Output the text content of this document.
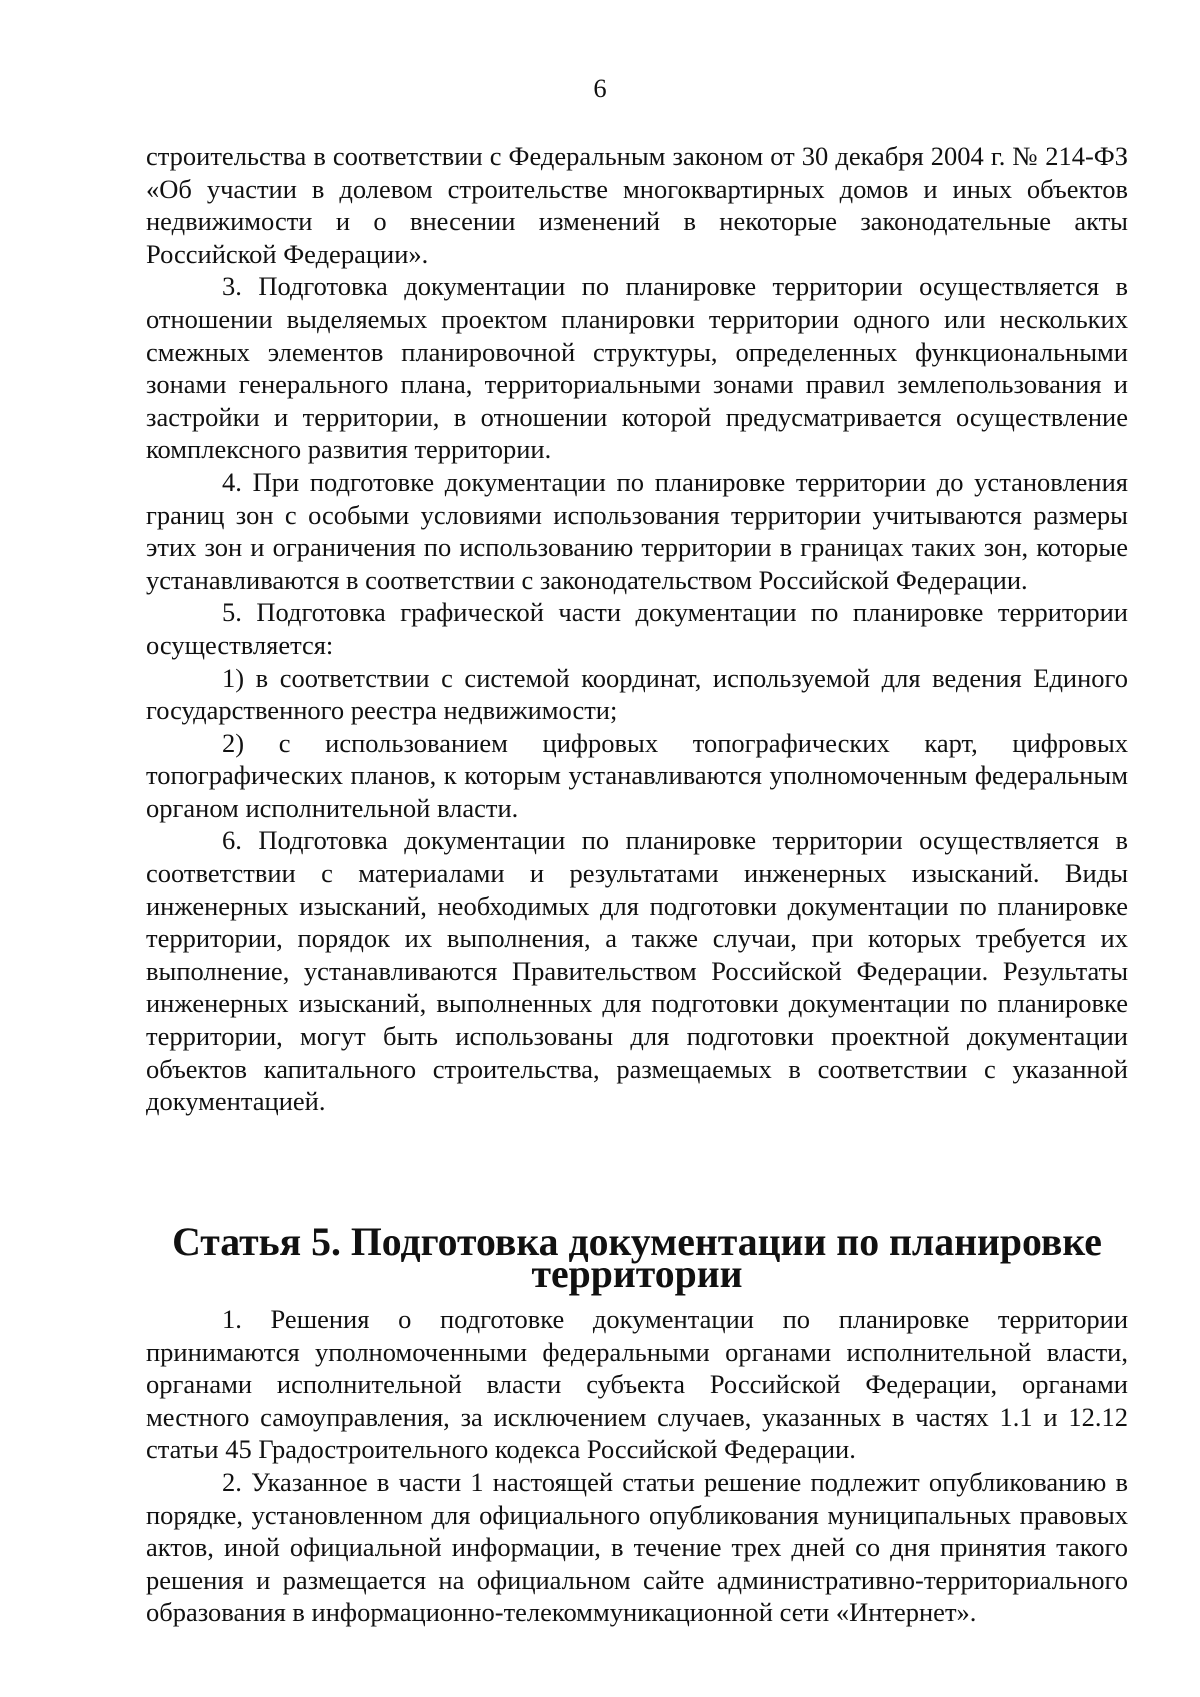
6

строительства в соответствии с Федеральным законом от 30 декабря 2004 г. № 214-ФЗ «Об участии в долевом строительстве многоквартирных домов и иных объектов недвижимости и о внесении изменений в некоторые законодательные акты Российской Федерации».

3. Подготовка документации по планировке территории осуществляется в отношении выделяемых проектом планировки территории одного или нескольких смежных элементов планировочной структуры, определенных функциональными зонами генерального плана, территориальными зонами правил землепользования и застройки и территории, в отношении которой предусматривается осуществление комплексного развития территории.

4. При подготовке документации по планировке территории до установления границ зон с особыми условиями использования территории учитываются размеры этих зон и ограничения по использованию территории в границах таких зон, которые устанавливаются в соответствии с законодательством Российской Федерации.

5. Подготовка графической части документации по планировке территории осуществляется:

1) в соответствии с системой координат, используемой для ведения Единого государственного реестра недвижимости;

2) с использованием цифровых топографических карт, цифровых топографических планов, к которым устанавливаются уполномоченным федеральным органом исполнительной власти.

6. Подготовка документации по планировке территории осуществляется в соответствии с материалами и результатами инженерных изысканий. Виды инженерных изысканий, необходимых для подготовки документации по планировке территории, порядок их выполнения, а также случаи, при которых требуется их выполнение, устанавливаются Правительством Российской Федерации. Результаты инженерных изысканий, выполненных для подготовки документации по планировке территории, могут быть использованы для подготовки проектной документации объектов капитального строительства, размещаемых в соответствии с указанной документацией.

Статья 5. Подготовка документации по планировке территории

1. Решения о подготовке документации по планировке территории принимаются уполномоченными федеральными органами исполнительной власти, органами исполнительной власти субъекта Российской Федерации, органами местного самоуправления, за исключением случаев, указанных в частях 1.1 и 12.12 статьи 45 Градостроительного кодекса Российской Федерации.

2. Указанное в части 1 настоящей статьи решение подлежит опубликованию в порядке, установленном для официального опубликования муниципальных правовых актов, иной официальной информации, в течение трех дней со дня принятия такого решения и размещается на официальном сайте административно-территориального образования в информационно-телекоммуникационной сети «Интернет».
